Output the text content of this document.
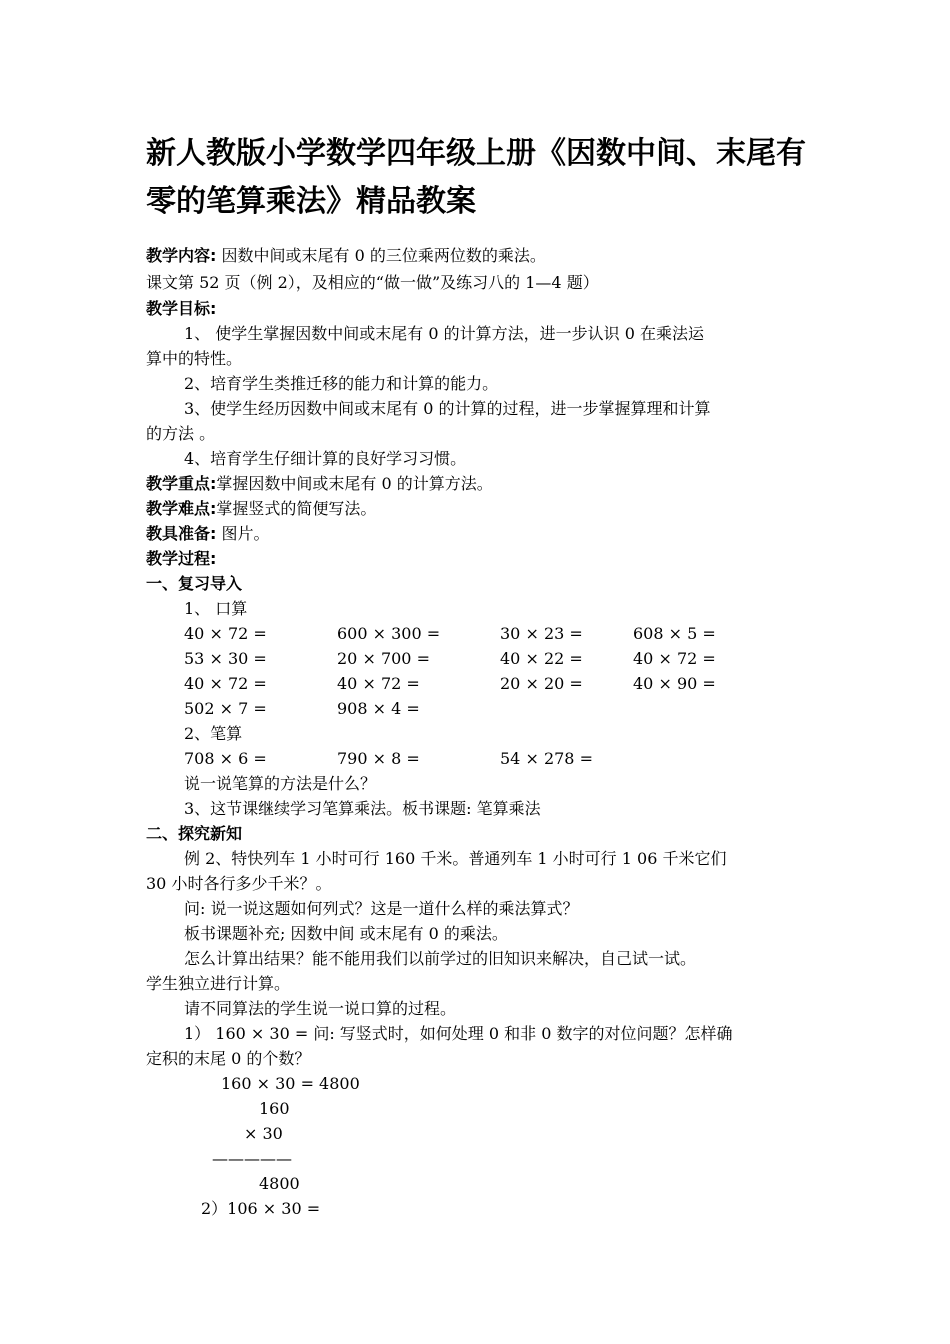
新人教版小学数学四年级上册《因数中间、末尾有零的笔算乘法》精品教案
教学内容: 因数中间或末尾有 0 的三位乘两位数的乘法。
课文第 52 页（例 2），及相应的“做一做”及练习八的 1—4 题）
教学目标:
1、 使学生掌握因数中间或末尾有 0 的计算方法，进一步认识 0 在乘法运
算中的特性。
2、培育学生类推迁移的能力和计算的能力。
3、使学生经历因数中间或末尾有 0 的计算的过程，进一步掌握算理和计算
的方法 。
4、培育学生仔细计算的良好学习习惯。
教学重点:掌握因数中间或末尾有 0 的计算方法。
教学难点:掌握竖式的简便写法。
教具准备: 图片。
教学过程:
一、复习导入
1、 口算
40 × 72 =	600 × 300 =	30 × 23 =	608 × 5 =
53 × 30 =	20 × 700 =	40 × 22 =	40 × 72 =
40 × 72 =	40 × 72 =	20 × 20 =	40 × 90 =
502 × 7 =	908 × 4 =
2、笔算
708 × 6 =	790 × 8 =	54 × 278 =
说一说笔算的方法是什么？
3、这节课继续学习笔算乘法。板书课题: 笔算乘法
二、探究新知
例 2、特快列车 1 小时可行 160 千米。普通列车 1 小时可行 1 06 千米它们
30 小时各行多少千米？。
问: 说一说这题如何列式？这是一道什么样的乘法算式？
板书课题补充; 因数中间 或末尾有 0 的乘法。
怎么计算出结果？能不能用我们以前学过的旧知识来解决，自己试一试。
学生独立进行计算。
请不同算法的学生说一说口算的过程。
1） 160 × 30 = 问: 写竖式时，如何处理 0 和非 0 数字的对位问题？怎样确
定积的末尾 0 的个数？
160 × 30 = 4800
160
× 30
—————
4800
2）106 × 30 =
